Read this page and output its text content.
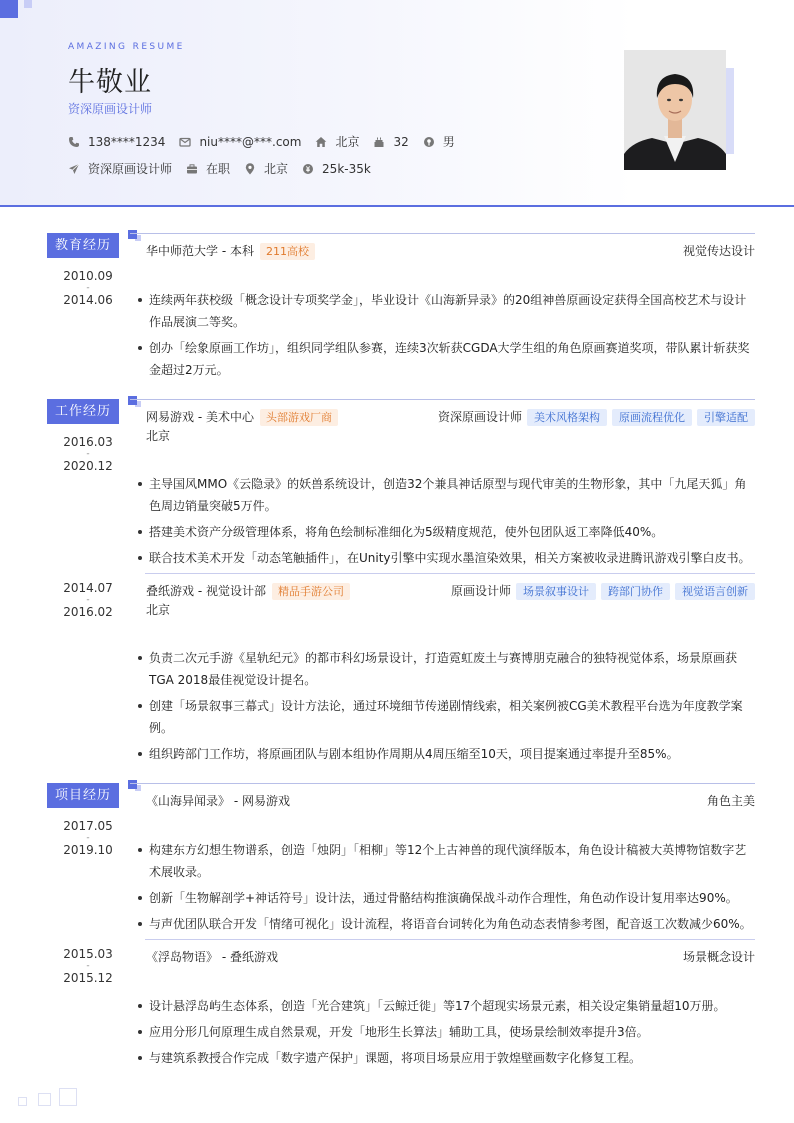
AMAZING RESUME
牛敬业
资深原画设计师
138****1234	niu****@***.com	北京	32	男
资深原画设计师	在职	北京	25k-35k
教育经历
2010.09
-
2014.06
华中师范大学 - 本科	211高校	视觉传达设计
连续两年获校级「概念设计专项奖学金」，毕业设计《山海新异录》的20组神兽原画设定获得全国高校艺术与设计作品展演二等奖。
创办「绘象原画工作坊」，组织同学组队参赛，连续3次斩获CGDA大学生组的角色原画赛道奖项，带队累计斩获奖金超过2万元。
工作经历
2016.03
-
2020.12
网易游戏 - 美术中心	头部游戏厂商	资深原画设计师	美术风格架构	原画流程优化	引擎适配
北京
主导国风MMO《云隐录》的妖兽系统设计，创造32个兼具神话原型与现代审美的生物形象，其中「九尾天狐」角色周边销量突破5万件。
搭建美术资产分级管理体系，将角色绘制标准细化为5级精度规范，使外包团队返工率降低40%。
联合技术美术开发「动态笔触插件」，在Unity引擎中实现水墨渲染效果，相关方案被收录进腾讯游戏引擎白皮书。
2014.07
-
2016.02
叠纸游戏 - 视觉设计部	精品手游公司	原画设计师	场景叙事设计	跨部门协作	视觉语言创新
北京
负责二次元手游《星轨纪元》的都市科幻场景设计，打造霓虹废土与赛博朋克融合的独特视觉体系，场景原画获TGA 2018最佳视觉设计提名。
创建「场景叙事三幕式」设计方法论，通过环境细节传递剧情线索，相关案例被CG美术教程平台选为年度教学案例。
组织跨部门工作坊，将原画团队与剧本组协作周期从4周压缩至10天，项目提案通过率提升至85%。
项目经历
2017.05
-
2019.10
《山海异闻录》 - 网易游戏	角色主美
构建东方幻想生物谱系，创造「烛阴」「相柳」等12个上古神兽的现代演绎版本，角色设计稿被大英博物馆数字艺术展收录。
创新「生物解剖学+神话符号」设计法，通过骨骼结构推演确保战斗动作合理性，角色动作设计复用率达90%。
与声优团队联合开发「情绪可视化」设计流程，将语音台词转化为角色动态表情参考图，配音返工次数减少60%。
2015.03
-
2015.12
《浮岛物语》 - 叠纸游戏	场景概念设计
设计悬浮岛屿生态体系，创造「光合建筑」「云鲸迁徙」等17个超现实场景元素，相关设定集销量超10万册。
应用分形几何原理生成自然景观，开发「地形生长算法」辅助工具，使场景绘制效率提升3倍。
与建筑系教授合作完成「数字遗产保护」课题，将项目场景应用于敦煌壁画数字化修复工程。
